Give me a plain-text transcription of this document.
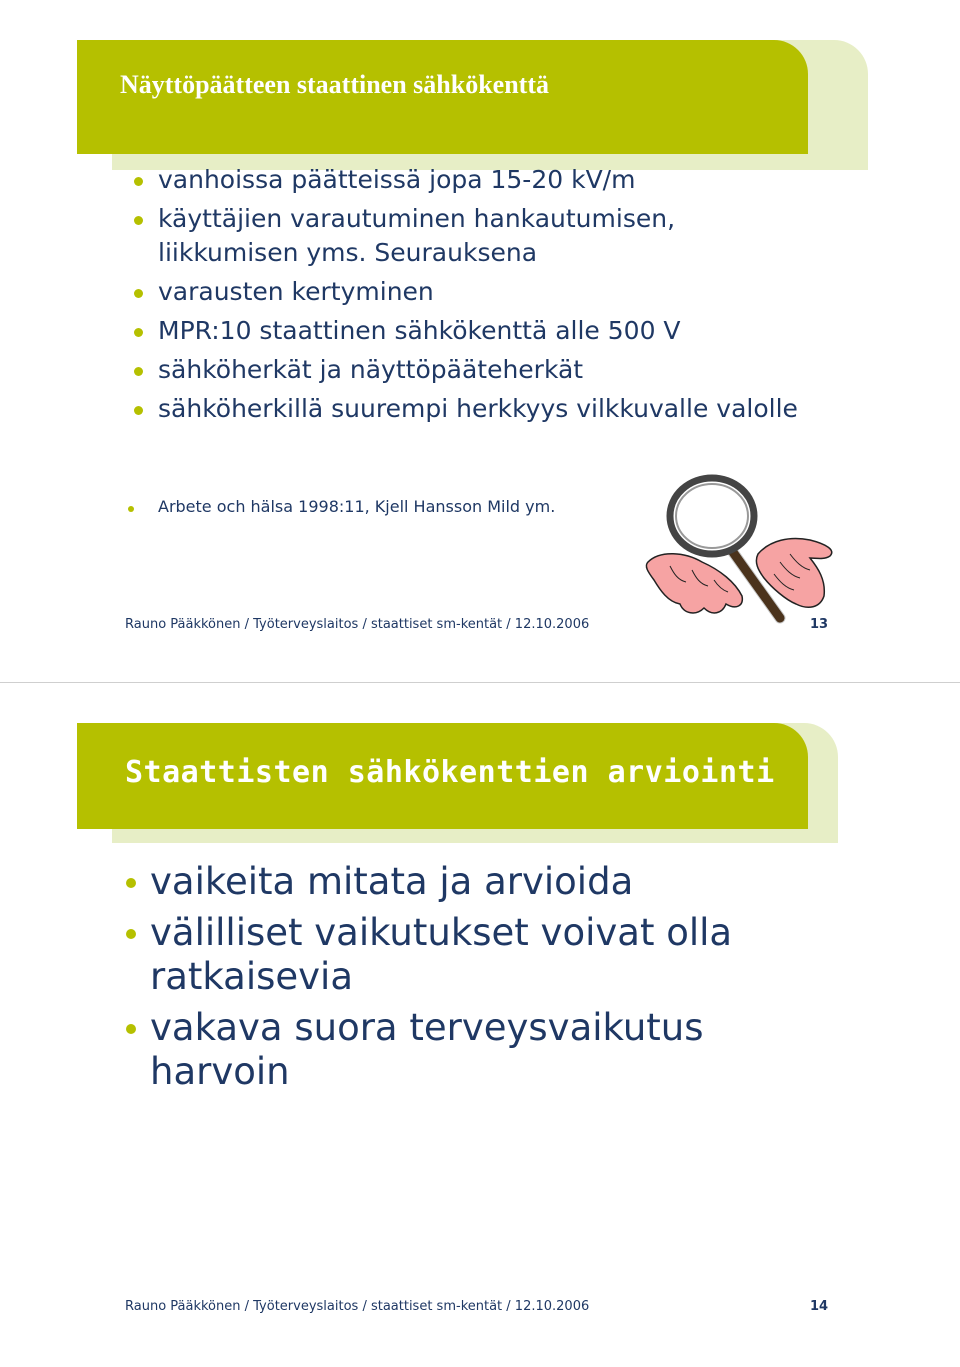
Näyttöpäätteen staattinen sähkökenttä
vanhoissa päätteissä jopa 15-20 kV/m
käyttäjien varautuminen hankautumisen, liikkumisen yms. Seurauksena
varausten kertyminen
MPR:10 staattinen sähkökenttä alle 500 V
sähköherkät ja näyttöpääteherkät
sähköherkillä suurempi herkkyys vilkkuvalle valolle
Arbete och hälsa 1998:11, Kjell Hansson Mild ym.
Rauno Pääkkönen / Työterveyslaitos / staattiset sm-kentät / 12.10.2006	13
Staattisten sähkökenttien arviointi
vaikeita mitata ja arvioida
välilliset vaikutukset voivat olla ratkaisevia
vakava suora terveysvaikutus harvoin
Rauno Pääkkönen / Työterveyslaitos / staattiset sm-kentät / 12.10.2006	14
